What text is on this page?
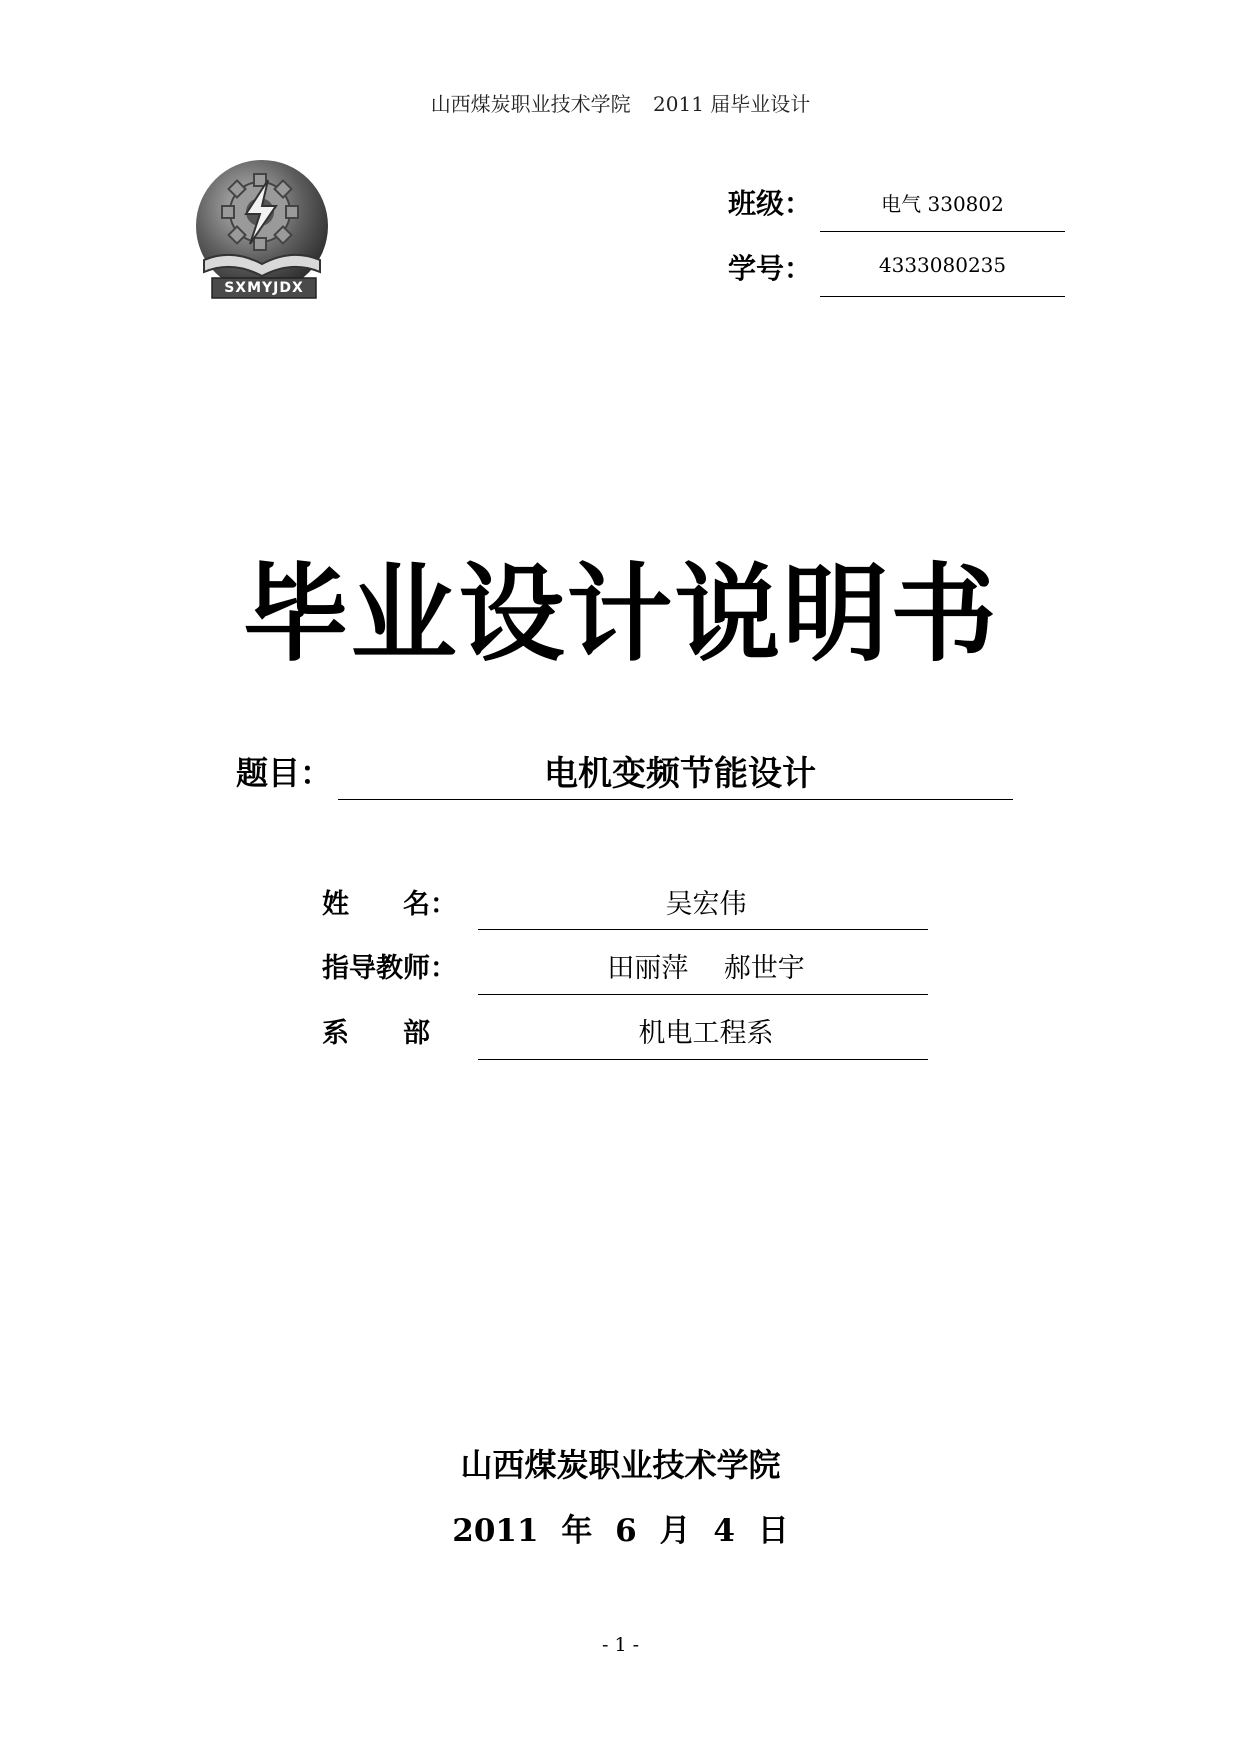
山西煤炭职业技术学院 2011 届毕业设计
SXMYJDX
班级：	电气 330802
学号：	4333080235
毕业设计说明书
题目：	电机变频节能设计
姓　　名：	吴宏伟
指导教师：	田丽萍　 郝世宇
系　　部	机电工程系
山西煤炭职业技术学院
2011 年 6 月 4 日
- 1 -
